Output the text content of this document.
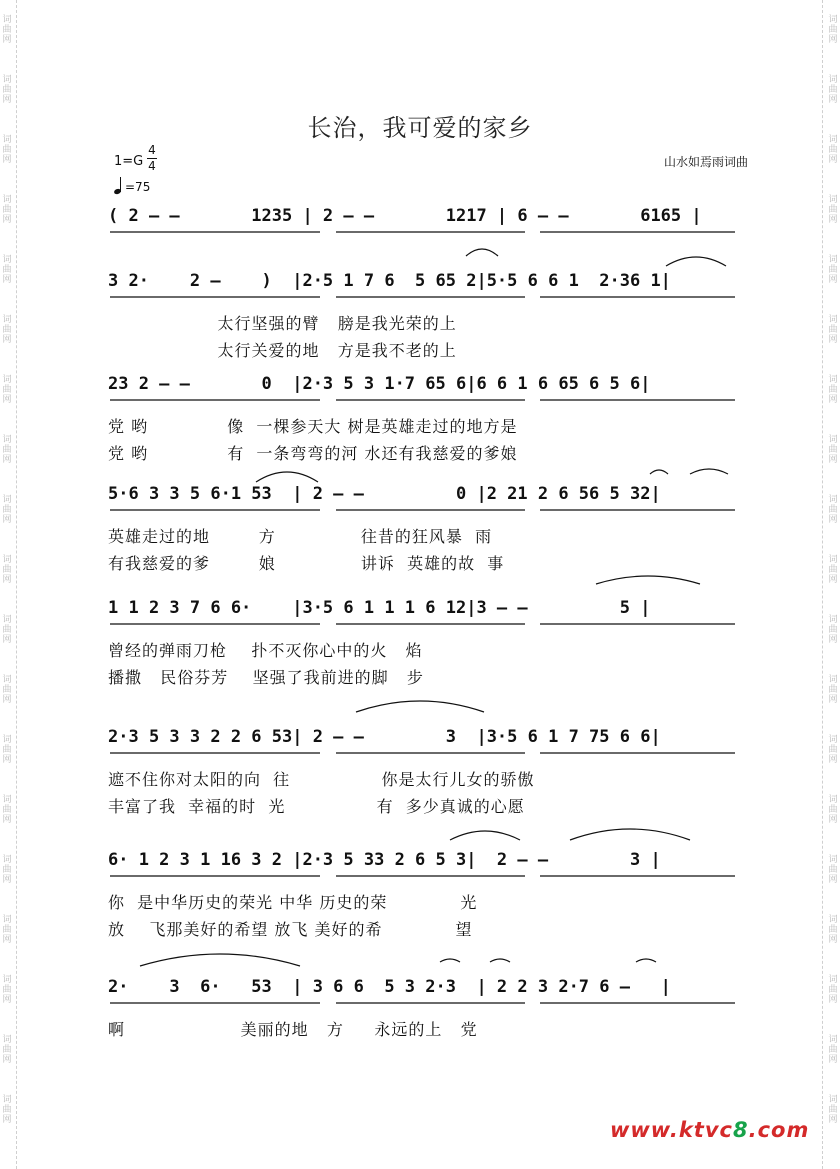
词
曲
网
词
曲
网
词
曲
网
词
曲
网
词
曲
网
词
曲
网
词
曲
网
词
曲
网
词
曲
网
词
曲
网
词
曲
网
词
曲
网
词
曲
网
词
曲
网
词
曲
网
词
曲
网
词
曲
网
词
曲
网
词
曲
网
词
曲
网
词
曲
网
词
曲
网
词
曲
网
词
曲
网
词
曲
网
词
曲
网
词
曲
网
词
曲
网
词
曲
网
词
曲
网
词
曲
网
词
曲
网
词
曲
网
词
曲
网
词
曲
网
词
曲
网
词
曲
网
词
曲
网
长治，我可爱的家乡
1=G
4
4
=75
山水如焉雨词曲
( 2 – –       1235 | 2 – –       1217 | 6 – –       6165 |
3 2·    2 –    )  |2·5 1 7 6  5 65 2|5·5 6 6 1  2·36 1|
太行坚强的臂   膀是我光荣的上
太行关爱的地   方是我不老的上
23 2 – –       0  |2·3 5 3 1·7 65 6|6 6 1 6 65 6 5 6|
党 哟             像  一棵参天大 树是英雄走过的地方是
党 哟             有  一条弯弯的河 水还有我慈爱的爹娘
5·6 3 3 5 6·1 53  | 2 – –         0 |2 21 2 6 56 5 32|
英雄走过的地        方              往昔的狂风暴  雨
有我慈爱的爹        娘              讲诉  英雄的故  事
1 1 2 3 7 6 6·    |3·5 6 1 1 1 6 12|3 – –         5 |
曾经的弹雨刀枪    扑不灭你心中的火   焰
播撒   民俗芬芳    坚强了我前进的脚   步
2·3 5 3 3 2 2 6 53| 2 – –        3  |3·5 6 1 7 75 6 6|
遮不住你对太阳的向  往               你是太行儿女的骄傲
丰富了我  幸福的时  光               有  多少真诚的心愿
6· 1 2 3 1 16 3 2 |2·3 5 33 2 6 5 3|  2 – –        3 |
你  是中华历史的荣光 中华 历史的荣            光
放    飞那美好的希望 放飞 美好的希            望
2·    3  6·   53  | 3 6 6  5 3 2·3  | 2 2 3 2·7 6 –   |
啊                   美丽的地   方     永远的上   党
www.ktvc8.com
